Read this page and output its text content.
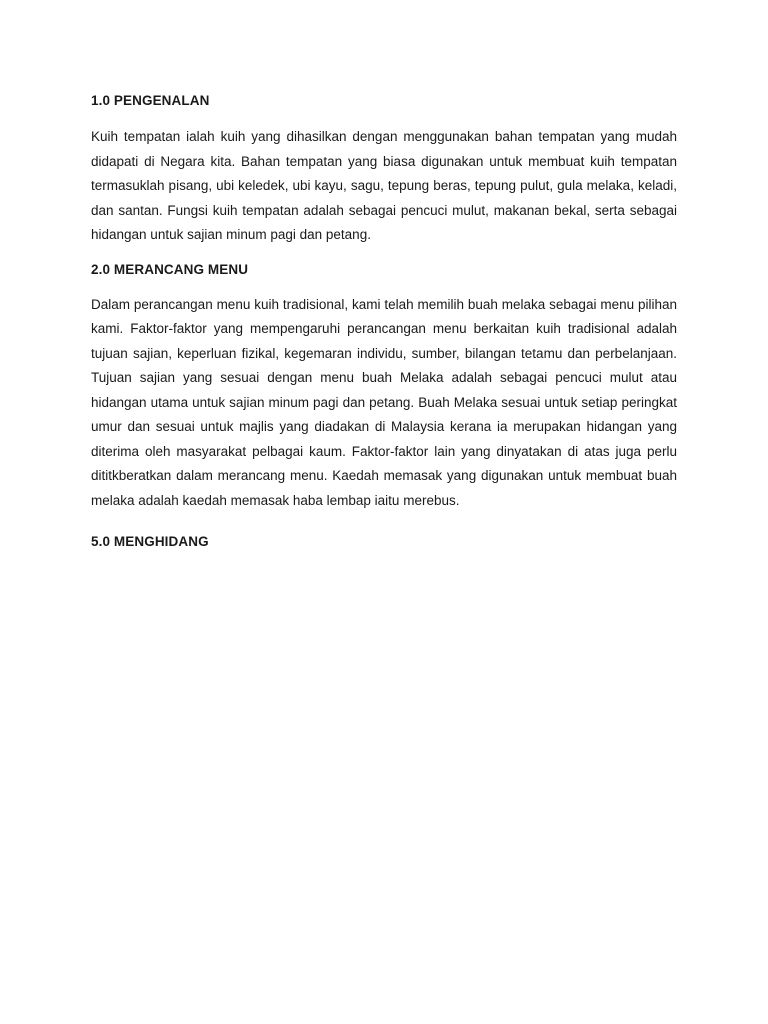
1.0 PENGENALAN

Kuih tempatan ialah kuih yang dihasilkan dengan menggunakan bahan tempatan yang mudah didapati di Negara kita. Bahan tempatan yang biasa digunakan untuk membuat kuih tempatan termasuklah pisang, ubi keledek, ubi kayu, sagu, tepung beras, tepung pulut, gula melaka, keladi, dan santan. Fungsi kuih tempatan adalah sebagai pencuci mulut, makanan bekal, serta sebagai hidangan untuk sajian minum pagi dan petang.

2.0 MERANCANG MENU

Dalam perancangan menu kuih tradisional, kami telah memilih buah melaka sebagai menu pilihan kami. Faktor-faktor yang mempengaruhi perancangan menu berkaitan kuih tradisional adalah tujuan sajian, keperluan fizikal, kegemaran individu, sumber, bilangan tetamu dan perbelanjaan. Tujuan sajian yang sesuai dengan menu buah Melaka adalah sebagai pencuci mulut atau hidangan utama untuk sajian minum pagi dan petang. Buah Melaka sesuai untuk setiap peringkat umur dan sesuai untuk majlis yang diadakan di Malaysia kerana ia merupakan hidangan yang diterima oleh masyarakat pelbagai kaum. Faktor-faktor lain yang dinyatakan di atas juga perlu dititkberatkan dalam merancang menu. Kaedah memasak yang digunakan untuk membuat buah melaka adalah kaedah memasak haba lembap iaitu merebus.

5.0 MENGHIDANG
